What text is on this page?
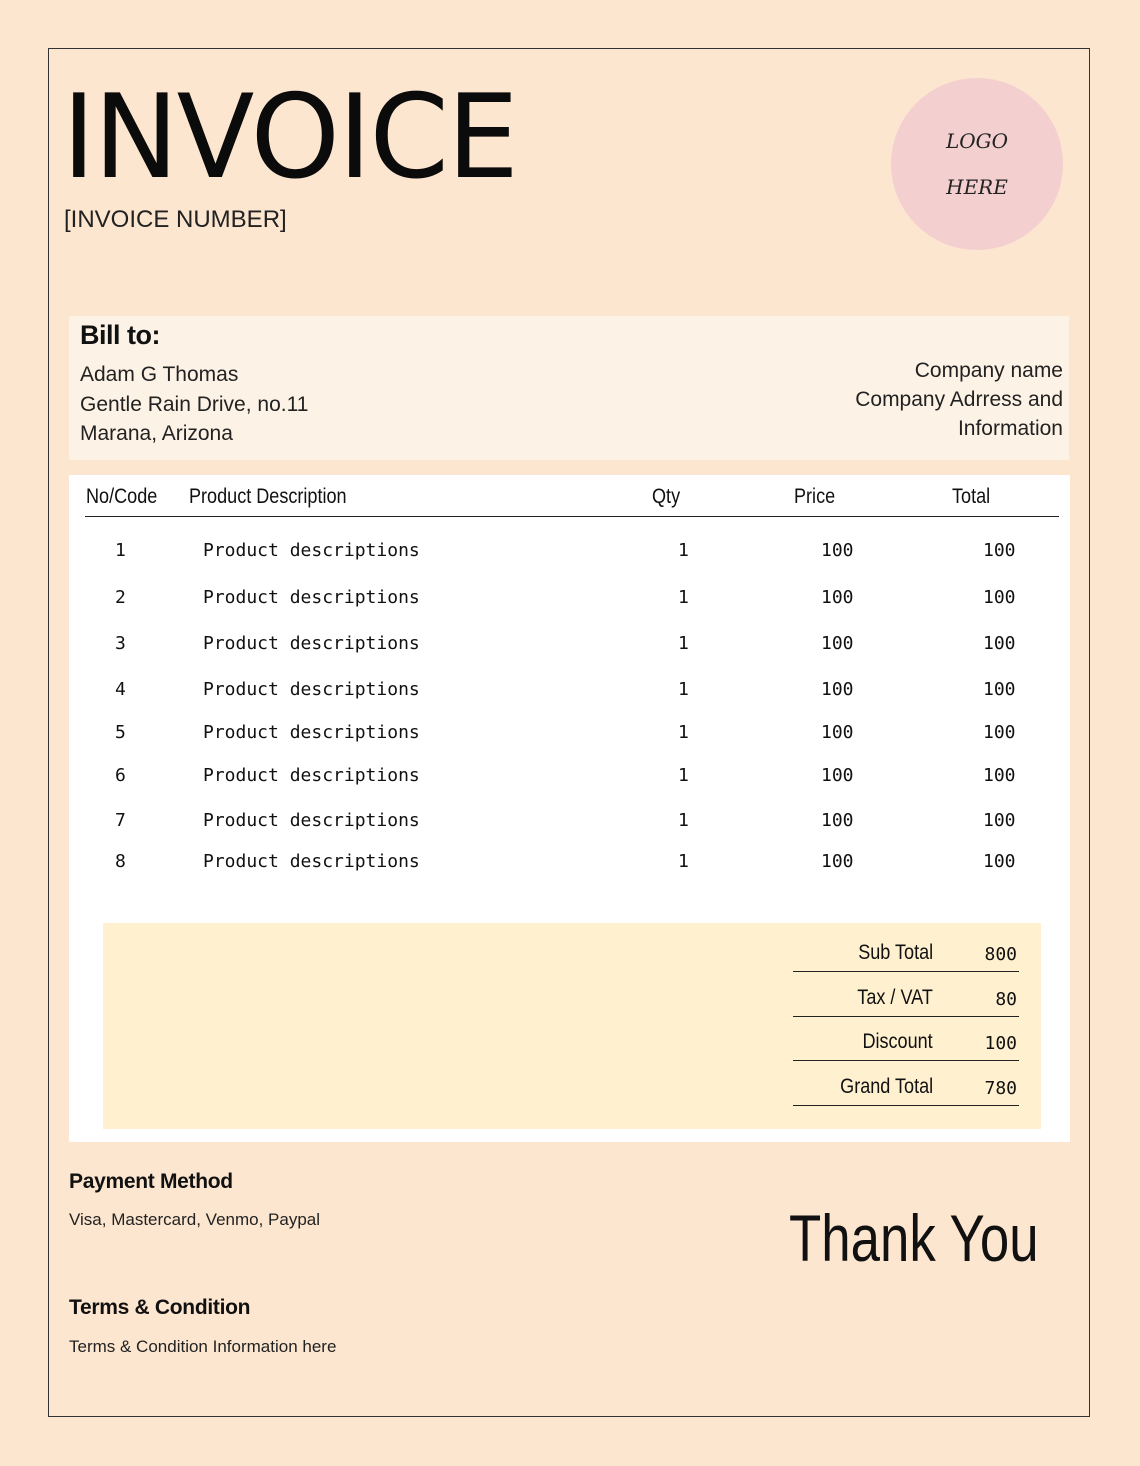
INVOICE
[INVOICE NUMBER]
LOGO
HERE
Bill to:
Adam G Thomas
Gentle Rain Drive, no.11
Marana, Arizona
Company name
Company Adrress and
Information
No/Code Product Description	Qty	Price	Total
1	Product descriptions	1	100	100
2	Product descriptions	1	100	100
3	Product descriptions	1	100	100
4	Product descriptions	1	100	100
5	Product descriptions	1	100	100
6	Product descriptions	1	100	100
7	Product descriptions	1	100	100
8	Product descriptions	1	100	100
Sub Total	800
Tax / VAT	80
Discount	100
Grand Total	780
Payment Method
Visa, Mastercard, Venmo, Paypal
Terms & Condition
Terms & Condition Information here
Thank You
